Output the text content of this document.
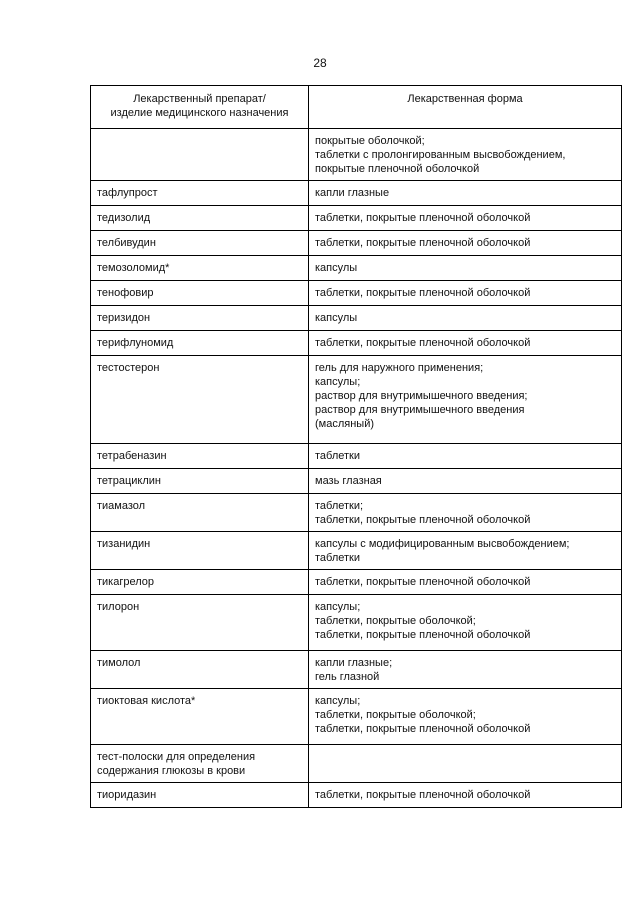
28
Лекарственный препарат/
изделие медицинского назначения	Лекарственная форма
	покрытые оболочкой;
таблетки с пролонгированным высвобождением,
покрытые пленочной оболочкой
тафлупрост	капли глазные
тедизолид	таблетки, покрытые пленочной оболочкой
телбивудин	таблетки, покрытые пленочной оболочкой
темозоломид*	капсулы
тенофовир	таблетки, покрытые пленочной оболочкой
теризидон	капсулы
терифлуномид	таблетки, покрытые пленочной оболочкой
тестостерон	гель для наружного применения;
капсулы;
раствор для внутримышечного введения;
раствор для внутримышечного введения
(масляный)
тетрабеназин	таблетки
тетрациклин	мазь глазная
тиамазол	таблетки;
таблетки, покрытые пленочной оболочкой
тизанидин	капсулы с модифицированным высвобождением;
таблетки
тикагрелор	таблетки, покрытые пленочной оболочкой
тилорон	капсулы;
таблетки, покрытые оболочкой;
таблетки, покрытые пленочной оболочкой
тимолол	капли глазные;
гель глазной
тиоктовая кислота*	капсулы;
таблетки, покрытые оболочкой;
таблетки, покрытые пленочной оболочкой
тест-полоски для определения
содержания глюкозы в крови	
тиоридазин	таблетки, покрытые пленочной оболочкой
